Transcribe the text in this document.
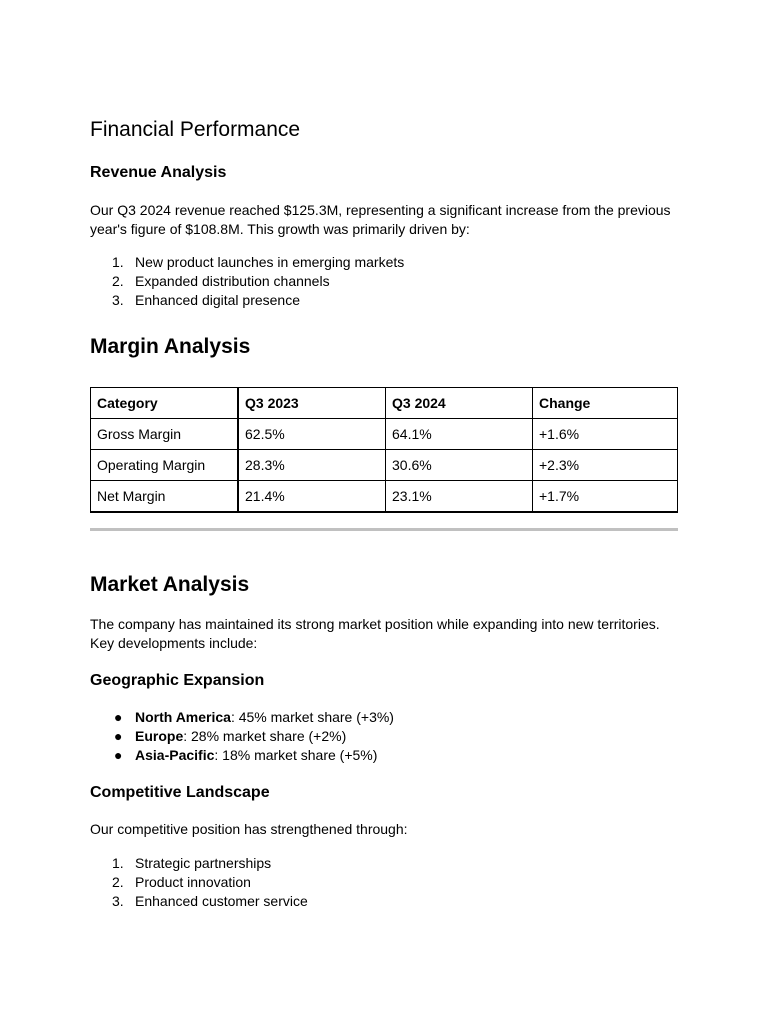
Financial Performance
Revenue Analysis

Our Q3 2024 revenue reached $125.3M, representing a significant increase from the previous
year's figure of $108.8M. This growth was primarily driven by:

1. New product launches in emerging markets
2. Expanded distribution channels
3. Enhanced digital presence
Margin Analysis
Category	Q3 2023	Q3 2024	Change
Gross Margin	62.5%	64.1%	+1.6%
Operating Margin	28.3%	30.6%	+2.3%
Net Margin	21.4%	23.1%	+1.7%
Market Analysis

The company has maintained its strong market position while expanding into new territories.
Key developments include:

Geographic Expansion
● North America: 45% market share (+3%)
● Europe: 28% market share (+2%)
● Asia-Pacific: 18% market share (+5%)
Competitive Landscape

Our competitive position has strengthened through:

1. Strategic partnerships
2. Product innovation
3. Enhanced customer service
